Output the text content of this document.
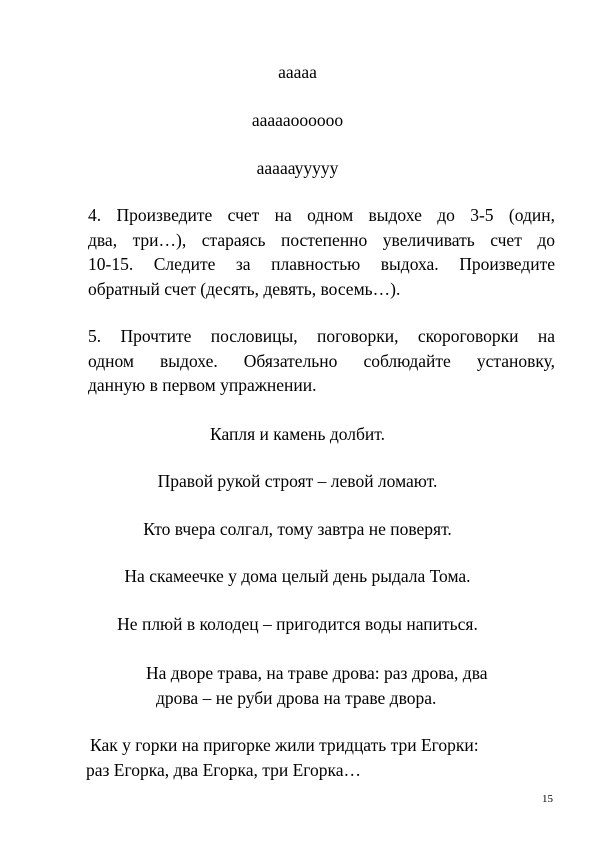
ааааа
аааааоооооо
аааааууууу
4. Произведите счет на одном выдохе до 3-5 (один,
два, три…), стараясь постепенно увеличивать счет до
10-15. Следите за плавностью выдоха. Произведите
обратный счет (десять, девять, восемь…).
5. Прочтите пословицы, поговорки, скороговорки на
одном выдохе. Обязательно соблюдайте установку,
данную в первом упражнении.
Капля и камень долбит.
Правой рукой строят – левой ломают.
Кто вчера солгал, тому завтра не поверят.
На скамеечке у дома целый день рыдала Тома.
Не плюй в колодец – пригодится воды напиться.
На дворе трава, на траве дрова: раз дрова, два
дрова – не руби дрова на траве двора.
Как у горки на пригорке жили тридцать три Егорки:
раз Егорка, два Егорка, три Егорка…
15
